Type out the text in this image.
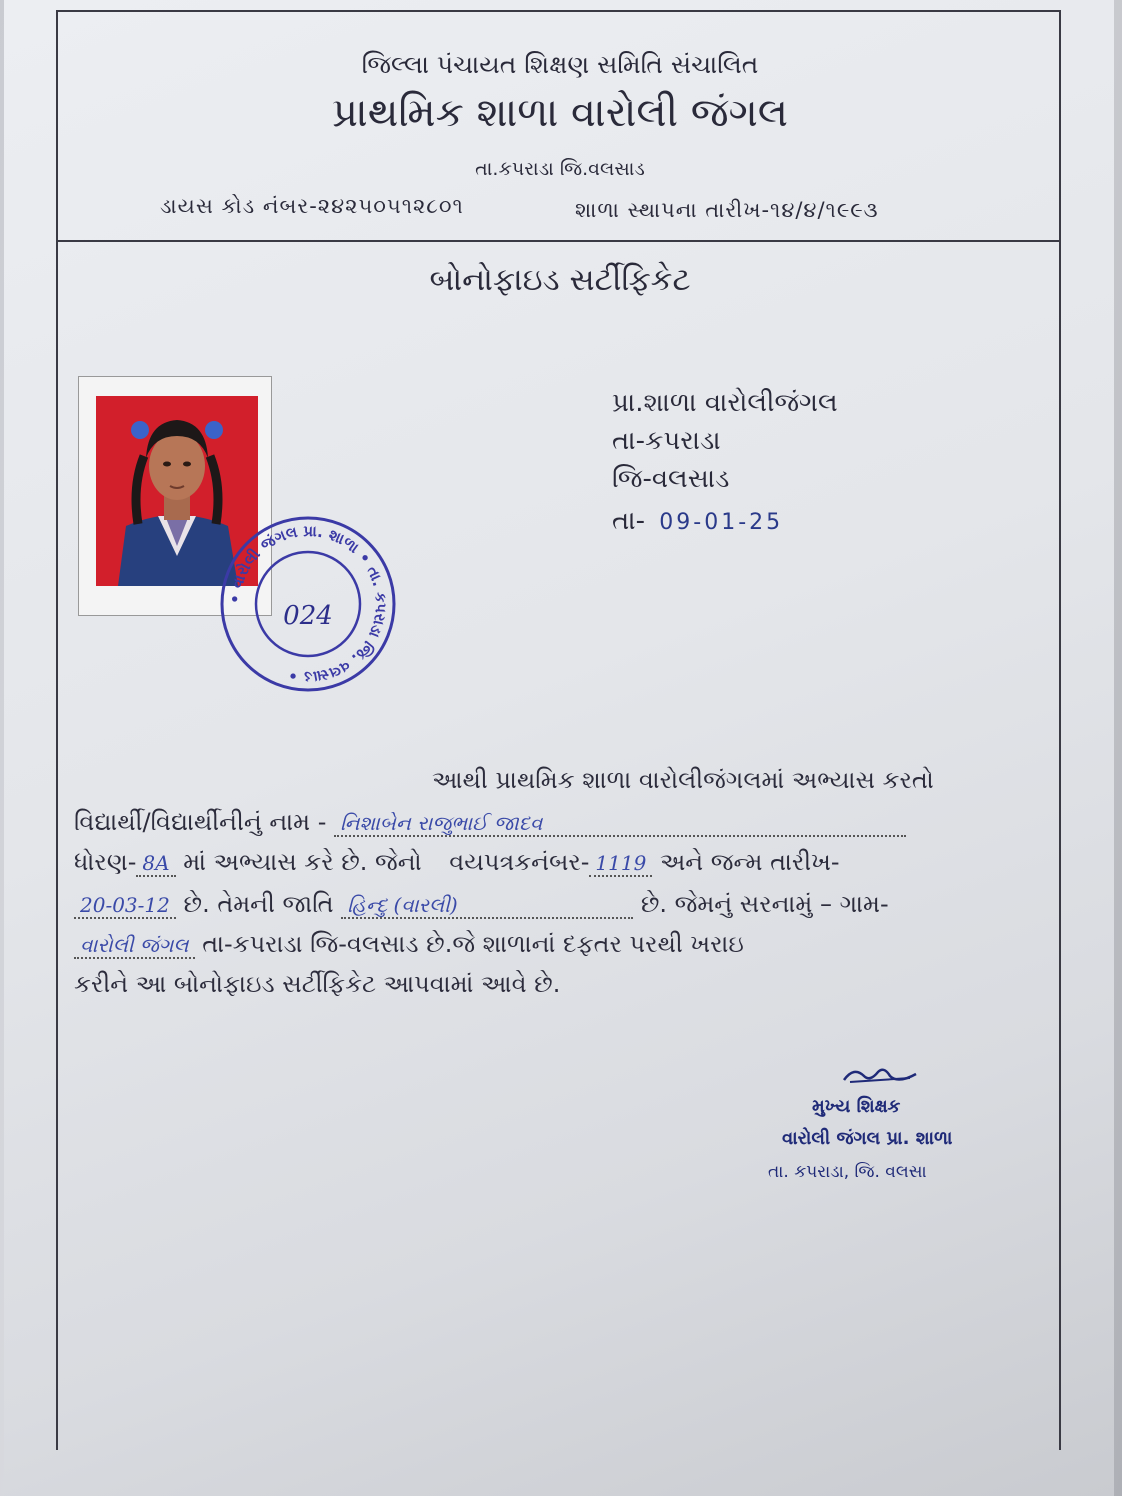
જિલ્લા પંચાયત શિક્ષણ સમિતિ સંચાલિત
પ્રાથમિક શાળા વારોલી જંગલ
તા.કપરાડા જિ.વલસાડ
ડાયસ કોડ નંબર-૨૪૨૫૦૫૧૨૮૦૧	શાળા સ્થાપના તારીખ-૧૪/૪/૧૯૯૩
બોનોફાઇડ સર્ટીફિકેટ
પ્રા.શાળા વારોલીજંગલ
તા-કપરાડા
જિ-વલસાડ
તા- 09-01-25
• વારોલી જંગલ પ્રા. શાળા • તા. કપરાડા જિ. વલસાડ •
024
આથી પ્રાથમિક શાળા વારોલીજંગલમાં અભ્યાસ કરતો
વિદ્યાર્થી/વિદ્યાર્થીનીનું નામ - નિશાબેન રાજુભાઈ જાદવ
ધોરણ- 8A માં અભ્યાસ કરે છે. જેનો વયપત્રકનંબર- 1119 અને જન્મ તારીખ-
20-03-12 છે. તેમની જાતિ હિન્દુ (વારલી)	છે. જેમનું સરનામું – ગામ-
વારોલી જંગલ તા-કપરાડા જિ-વલસાડ છે.જે શાળાનાં દફતર પરથી ખરાઇ
કરીને આ બોનોફાઇડ સર્ટીફિકેટ આપવામાં આવે છે.
મુખ્ય શિક્ષક
વારોલી જંગલ પ્રા. શાળા
તા. કપરાડા, જિ. વલસા
